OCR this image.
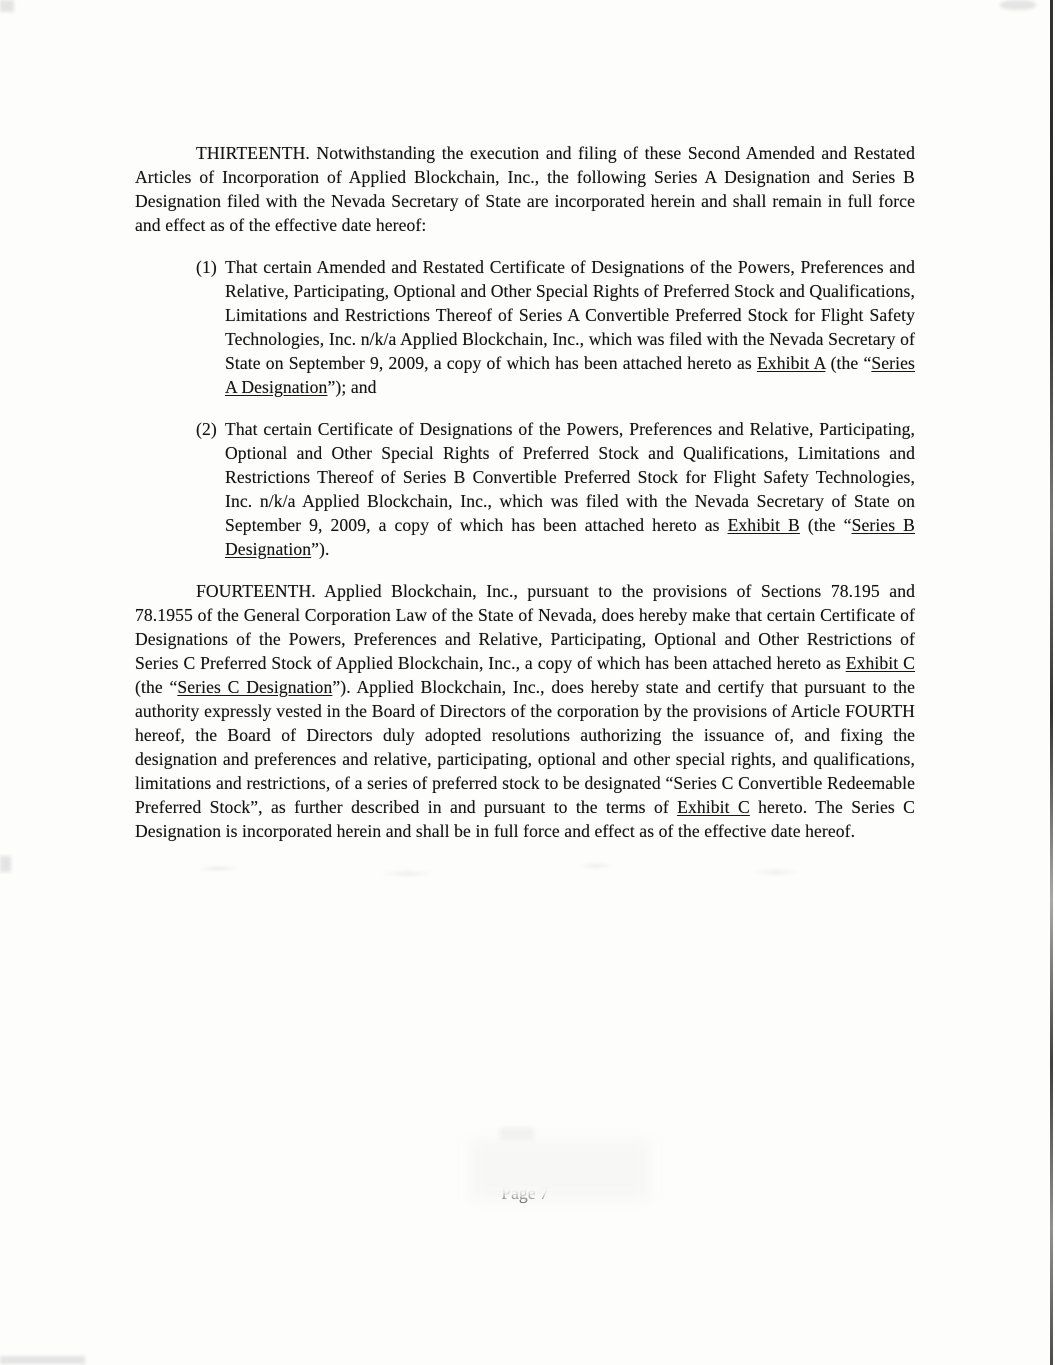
THIRTEENTH. Notwithstanding the execution and filing of these Second Amended and Restated Articles of Incorporation of Applied Blockchain, Inc., the following Series A Designation and Series B Designation filed with the Nevada Secretary of State are incorporated herein and shall remain in full force and effect as of the effective date hereof:

(1) That certain Amended and Restated Certificate of Designations of the Powers, Preferences and Relative, Participating, Optional and Other Special Rights of Preferred Stock and Qualifications, Limitations and Restrictions Thereof of Series A Convertible Preferred Stock for Flight Safety Technologies, Inc. n/k/a Applied Blockchain, Inc., which was filed with the Nevada Secretary of State on September 9, 2009, a copy of which has been attached hereto as Exhibit A (the “Series A Designation”); and
(2) That certain Certificate of Designations of the Powers, Preferences and Relative, Participating, Optional and Other Special Rights of Preferred Stock and Qualifications, Limitations and Restrictions Thereof of Series B Convertible Preferred Stock for Flight Safety Technologies, Inc. n/k/a Applied Blockchain, Inc., which was filed with the Nevada Secretary of State on September 9, 2009, a copy of which has been attached hereto as Exhibit B (the “Series B Designation”).

FOURTEENTH. Applied Blockchain, Inc., pursuant to the provisions of Sections 78.195 and 78.1955 of the General Corporation Law of the State of Nevada, does hereby make that certain Certificate of Designations of the Powers, Preferences and Relative, Participating, Optional and Other Restrictions of Series C Preferred Stock of Applied Blockchain, Inc., a copy of which has been attached hereto as Exhibit C (the “Series C Designation”). Applied Blockchain, Inc., does hereby state and certify that pursuant to the authority expressly vested in the Board of Directors of the corporation by the provisions of Article FOURTH hereof, the Board of Directors duly adopted resolutions authorizing the issuance of, and fixing the designation and preferences and relative, participating, optional and other special rights, and qualifications, limitations and restrictions, of a series of preferred stock to be designated “Series C Convertible Redeemable Preferred Stock”, as further described in and pursuant to the terms of Exhibit C hereto. The Series C Designation is incorporated herein and shall be in full force and effect as of the effective date hereof.
